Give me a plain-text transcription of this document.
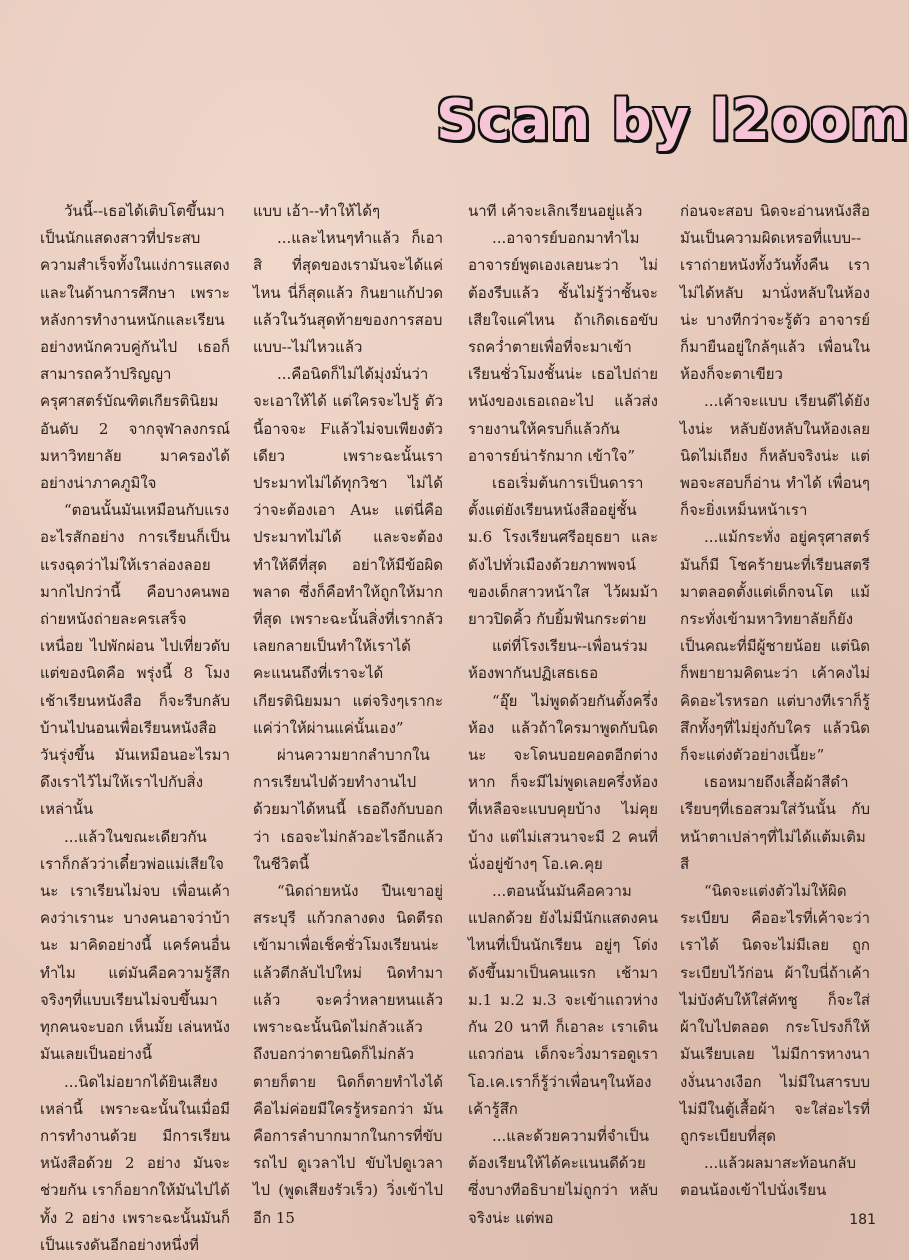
Scan by l2oom

วันนี้--เธอได้เติบโตขึ้นมาเป็นนักแสดงสาวที่ประสบความสำเร็จทั้งในแง่การแสดง และในด้านการศึกษา เพราะหลังการทำงานหนักและเรียนอย่างหนักควบคู่กันไป เธอก็สามารถคว้าปริญญาครุศาสตร์บัณฑิตเกียรตินิยมอันดับ 2 จากจุฬาลงกรณ์มหาวิทยาลัย มาครองได้อย่างน่าภาคภูมิใจ

“ตอนนั้นมันเหมือนกับแรงอะไรสักอย่าง การเรียนก็เป็นแรงฉุดว่าไม่ให้เราล่องลอยมากไปกว่านี้ คือบางคนพอถ่ายหนังถ่ายละครเสร็จ เหนื่อย ไปพักผ่อน ไปเที่ยวดับ แต่ของนิดคือ พรุ่งนี้ 8 โมงเช้าเรียนหนังสือ ก็จะรีบกลับบ้านไปนอนเพื่อเรียนหนังสือวันรุ่งขึ้น มันเหมือนอะไรมาดึงเราไว้ไม่ให้เราไปกับสิ่งเหล่านั้น

...แล้วในขณะเดียวกัน เราก็กลัวว่าเดี๋ยวพ่อแม่เสียใจนะ เราเรียนไม่จบ เพื่อนเค้าคงว่าเรานะ บางคนอาจว่าบ้านะ มาคิดอย่างนี้ แคร์คนอื่นทำไม แต่มันคือความรู้สึกจริงๆที่แบบเรียนไม่จบขึ้นมาทุกคนจะบอก เห็นมั้ย เล่นหนัง มันเลยเป็นอย่างนี้

...นิดไม่อยากได้ยินเสียงเหล่านี้ เพราะฉะนั้นในเมื่อมีการทำงานด้วย มีการเรียนหนังสือด้วย 2 อย่าง มันจะช่วยกัน เราก็อยากให้มันไปได้ทั้ง 2 อย่าง เพราะฉะนั้นมันก็เป็นแรงดันอีกอย่างหนึ่งที่

แบบ เอ้า--ทำให้ได้ๆ

...และไหนๆทำแล้ว ก็เอาสิ ที่สุดของเรามันจะได้แค่ไหน นี่ก็สุดแล้ว กินยาแก้ปวดแล้วในวันสุดท้ายของการสอบ แบบ--ไม่ไหวแล้ว

...คือนิดก็ไม่ได้มุ่งมั่นว่าจะเอาให้ได้ แต่ใครจะไปรู้ ตัวนี้อาจจะ Fแล้วไม่จบเพียงตัวเดียว เพราะฉะนั้นเราประมาทไม่ได้ทุกวิชา ไม่ได้ว่าจะต้องเอา Aนะ แต่นี่คือประมาทไม่ได้ และจะต้องทำให้ดีที่สุด อย่าให้มีข้อผิดพลาด ซึ่งก็คือทำให้ถูกให้มากที่สุด เพราะฉะนั้นสิ่งที่เรากลัว เลยกลายเป็นทำให้เราได้คะแนนถึงที่เราจะได้เกียรตินิยมมา แต่จริงๆเรากะแค่ว่าให้ผ่านแค่นั้นเอง”

ผ่านความยากลำบากในการเรียนไปด้วยทำงานไปด้วยมาได้หนนี้ เธอถึงกับบอกว่า เธอจะไม่กลัวอะไรอีกแล้วในชีวิตนี้

“นิดถ่ายหนัง ปืนเขาอยู่สระบุรี แก้วกลางดง นิดตีรถเข้ามาเพื่อเช็คชั่วโมงเรียนน่ะ แล้วตีกลับไปใหม่ นิดทำมาแล้ว จะคว่ำหลายหนแล้ว เพราะฉะนั้นนิดไม่กลัวแล้ว ถึงบอกว่าตายนิดก็ไม่กลัว ตายก็ตาย นิดก็ตายทำไงได้ คือไม่ค่อยมีใครรู้หรอกว่า มันคือการลำบากมากในการที่ขับรถไป ดูเวลาไป ขับไปดูเวลาไป (พูดเสียงรัวเร็ว) วิ่งเข้าไปอีก 15

นาที เค้าจะเลิกเรียนอยู่แล้ว

...อาจารย์บอกมาทำไมอาจารย์พูดเองเลยนะว่า ไม่ต้องรีบแล้ว ชั้นไม่รู้ว่าชั้นจะเสียใจแค่ไหน ถ้าเกิดเธอขับรถคว่ำตายเพื่อที่จะมาเข้าเรียนชั่วโมงชั้นน่ะ เธอไปถ่ายหนังของเธอเถอะไป แล้วส่งรายงานให้ครบก็แล้วกัน อาจารย์น่ารักมาก เข้าใจ”

เธอเริ่มต้นการเป็นดาราตั้งแต่ยังเรียนหนังสืออยู่ชั้น ม.6 โรงเรียนศรีอยุธยา และดังไปทั่วเมืองด้วยภาพพจน์ของเด็กสาวหน้าใส ไว้ผมม้ายาวปิดคิ้ว กับยิ้มฟันกระต่าย

แต่ที่โรงเรียน--เพื่อนร่วมห้องพากันปฏิเสธเธอ

“อุ๊ย ไม่พูดด้วยกันตั้งครึ่งห้อง แล้วถ้าใครมาพูดกับนิดนะ จะโดนบอยคอตอีกต่างหาก ก็จะมีไม่พูดเลยครึ่งห้อง ที่เหลือจะแบบคุยบ้าง ไม่คุยบ้าง แต่ไม่เสวนาจะมี 2 คนที่นั่งอยู่ข้างๆ โอ.เค.คุย

...ตอนนั้นมันคือความแปลกด้วย ยังไม่มีนักแสดงคนไหนที่เป็นนักเรียน อยู่ๆ โด่งดังขึ้นมาเป็นคนแรก เช้ามา ม.1 ม.2 ม.3 จะเข้าแถวห่างกัน 20 นาที ก็เอาละ เราเดินแถวก่อน เด็กจะวิ่งมารอดูเรา โอ.เค.เราก็รู้ว่าเพื่อนๆในห้องเค้ารู้สึก

...และด้วยความที่จำเป็นต้องเรียนให้ได้คะแนนดีด้วย ซึ่งบางทีอธิบายไม่ถูกว่า หลับจริงน่ะ แต่พอ

ก่อนจะสอบ นิดจะอ่านหนังสือ มันเป็นความผิดเหรอที่แบบ--เราถ่ายหนังทั้งวันทั้งคืน เราไม่ได้หลับ มานั่งหลับในห้องน่ะ บางทีกว่าจะรู้ตัว อาจารย์ก็มายืนอยู่ใกล้ๆแล้ว เพื่อนในห้องก็จะตาเขียว

...เค้าจะแบบ เรียนดีได้ยังไงน่ะ หลับยังหลับในห้องเลย นิดไม่เถียง ก็หลับจริงน่ะ แต่พอจะสอบก็อ่าน ทำได้ เพื่อนๆก็จะยิ่งเหม็นหน้าเรา

...แม้กระทั่ง อยู่ครุศาสตร์มันก็มี โชคร้ายนะที่เรียนสตรีมาตลอดตั้งแต่เด็กจนโต แม้กระทั่งเข้ามหาวิทยาลัยก็ยังเป็นคณะที่มีผู้ชายน้อย แต่นิดก็พยายามคิดนะว่า เค้าคงไม่คิดอะไรหรอก แต่บางทีเราก็รู้สึกทั้งๆที่ไม่ยุ่งกับใคร แล้วนิดก็จะแต่งตัวอย่างเนี้ยะ”

เธอหมายถึงเสื้อผ้าสีดำเรียบๆที่เธอสวมใส่วันนั้น กับหน้าตาเปล่าๆที่ไม่ได้แต้มเติมสี

“นิดจะแต่งตัวไม่ให้ผิดระเบียบ คืออะไรที่เค้าจะว่าเราได้ นิดจะไม่มีเลย ถูกระเบียบไว้ก่อน ผ้าใบนี่ถ้าเค้าไม่บังคับให้ใส่คัทชู ก็จะใส่ผ้าใบไปตลอด กระโปรงก็ให้มันเรียบเลย ไม่มีการหางนางงั่นนางเงือก ไม่มีในสารบบ ไม่มีในตู้เสื้อผ้า จะใส่อะไรที่ถูกระเบียบที่สุด

...แล้วผลมาสะท้อนกลับตอนน้องเข้าไปนั่งเรียน

181
